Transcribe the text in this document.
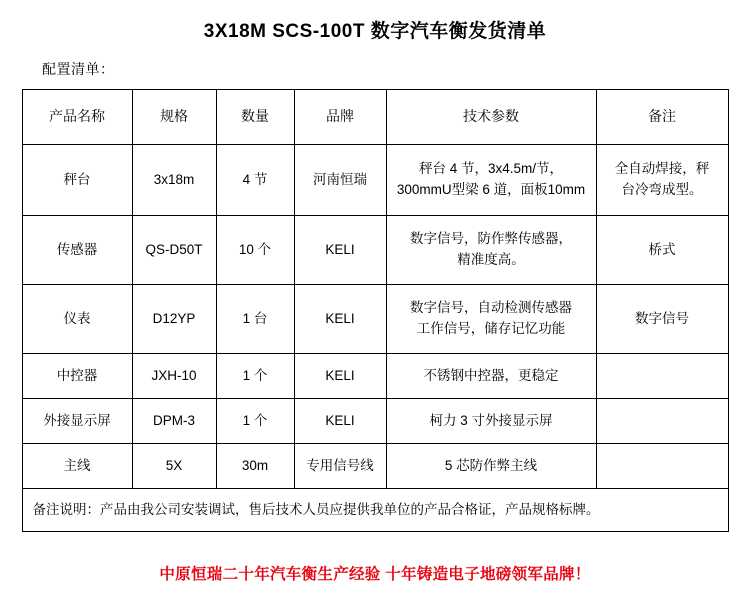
3X18M SCS-100T 数字汽车衡发货清单
配置清单：
产品名称	规格	数量	品牌	技术参数	备注
秤台	3x18m	4 节	河南恒瑞	秤台 4 节，3x4.5m/节，
300mmU型梁 6 道，面板10mm	全自动焊接，秤
台冷弯成型。

传感器	QS-D50T	10 个	KELI	数字信号，防作弊传感器，
精准度高。	桥式
仪表	D12YP	1 台	KELI	数字信号，自动检测传感器
工作信号，储存记忆功能	数字信号
中控器	JXH-10	1 个	KELI	不锈钢中控器，更稳定	
外接显示屏	DPM-3	1 个	KELI	柯力 3 寸外接显示屏	
主线	5X	30m	专用信号线	5 芯防作弊主线	
备注说明：产品由我公司安装调试，售后技术人员应提供我单位的产品合格证，产品规格标牌。					
中原恒瑞二十年汽车衡生产经验 十年铸造电子地磅领军品牌！
